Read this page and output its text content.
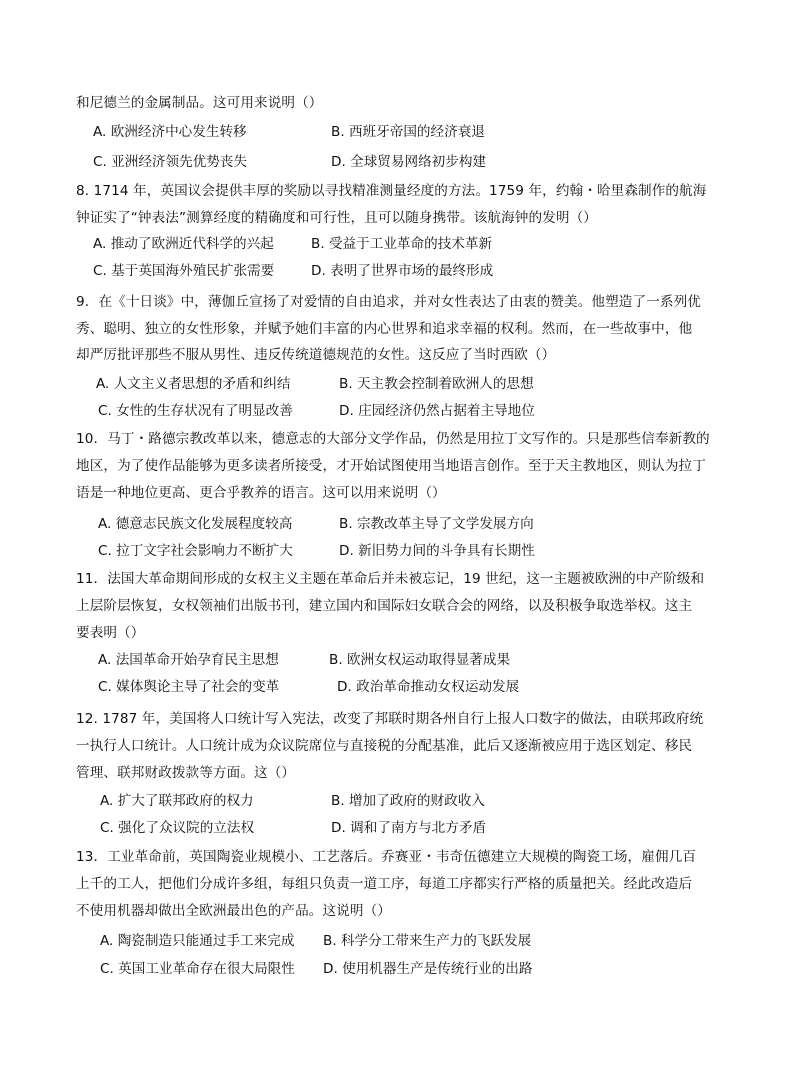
和尼德兰的金属制品。这可用来说明（）
A. 欧洲经济中心发生转移	B. 西班牙帝国的经济衰退
C. 亚洲经济领先优势丧失	D. 全球贸易网络初步构建
8. 1714 年，英国议会提供丰厚的奖励以寻找精准测量经度的方法。1759 年，约翰・哈里森制作的航海
钟证实了“钟表法”测算经度的精确度和可行性，且可以随身携带。该航海钟的发明（）
A. 推动了欧洲近代科学的兴起	B. 受益于工业革命的技术革新
C. 基于英国海外殖民扩张需要	D. 表明了世界市场的最终形成
9．在《十日谈》中，薄伽丘宣扬了对爱情的自由追求，并对女性表达了由衷的赞美。他塑造了一系列优
秀、聪明、独立的女性形象，并赋予她们丰富的内心世界和追求幸福的权利。然而，在一些故事中，他
却严厉批评那些不服从男性、违反传统道德规范的女性。这反应了当时西欧（）
A. 人文主义者思想的矛盾和纠结	B. 天主教会控制着欧洲人的思想
C. 女性的生存状况有了明显改善	D. 庄园经济仍然占据着主导地位
10．马丁・路德宗教改革以来，德意志的大部分文学作品，仍然是用拉丁文写作的。只是那些信奉新教的
地区，为了使作品能够为更多读者所接受，才开始试图使用当地语言创作。至于天主教地区，则认为拉丁
语是一种地位更高、更合乎教养的语言。这可以用来说明（）
A. 德意志民族文化发展程度较高	B. 宗教改革主导了文学发展方向
C. 拉丁文字社会影响力不断扩大	D. 新旧势力间的斗争具有长期性
11．法国大革命期间形成的女权主义主题在革命后并未被忘记，19 世纪，这一主题被欧洲的中产阶级和
上层阶层恢复，女权领袖们出版书刊，建立国内和国际妇女联合会的网络，以及积极争取选举权。这主
要表明（）
A. 法国革命开始孕育民主思想	B. 欧洲女权运动取得显著成果
C. 媒体舆论主导了社会的变革	D. 政治革命推动女权运动发展
12. 1787 年，美国将人口统计写入宪法，改变了邦联时期各州自行上报人口数字的做法，由联邦政府统
一执行人口统计。人口统计成为众议院席位与直接税的分配基准，此后又逐渐被应用于选区划定、移民
管理、联邦财政拨款等方面。这（）
A. 扩大了联邦政府的权力	B. 增加了政府的财政收入
C. 强化了众议院的立法权	D. 调和了南方与北方矛盾
13．工业革命前，英国陶瓷业规模小、工艺落后。乔赛亚・韦奇伍德建立大规模的陶瓷工场，雇佣几百
上千的工人，把他们分成许多组，每组只负责一道工序，每道工序都实行严格的质量把关。经此改造后
不使用机器却做出全欧洲最出色的产品。这说明（）
A. 陶瓷制造只能通过手工来完成 B. 科学分工带来生产力的飞跃发展
C. 英国工业革命存在很大局限性 D. 使用机器生产是传统行业的出路
